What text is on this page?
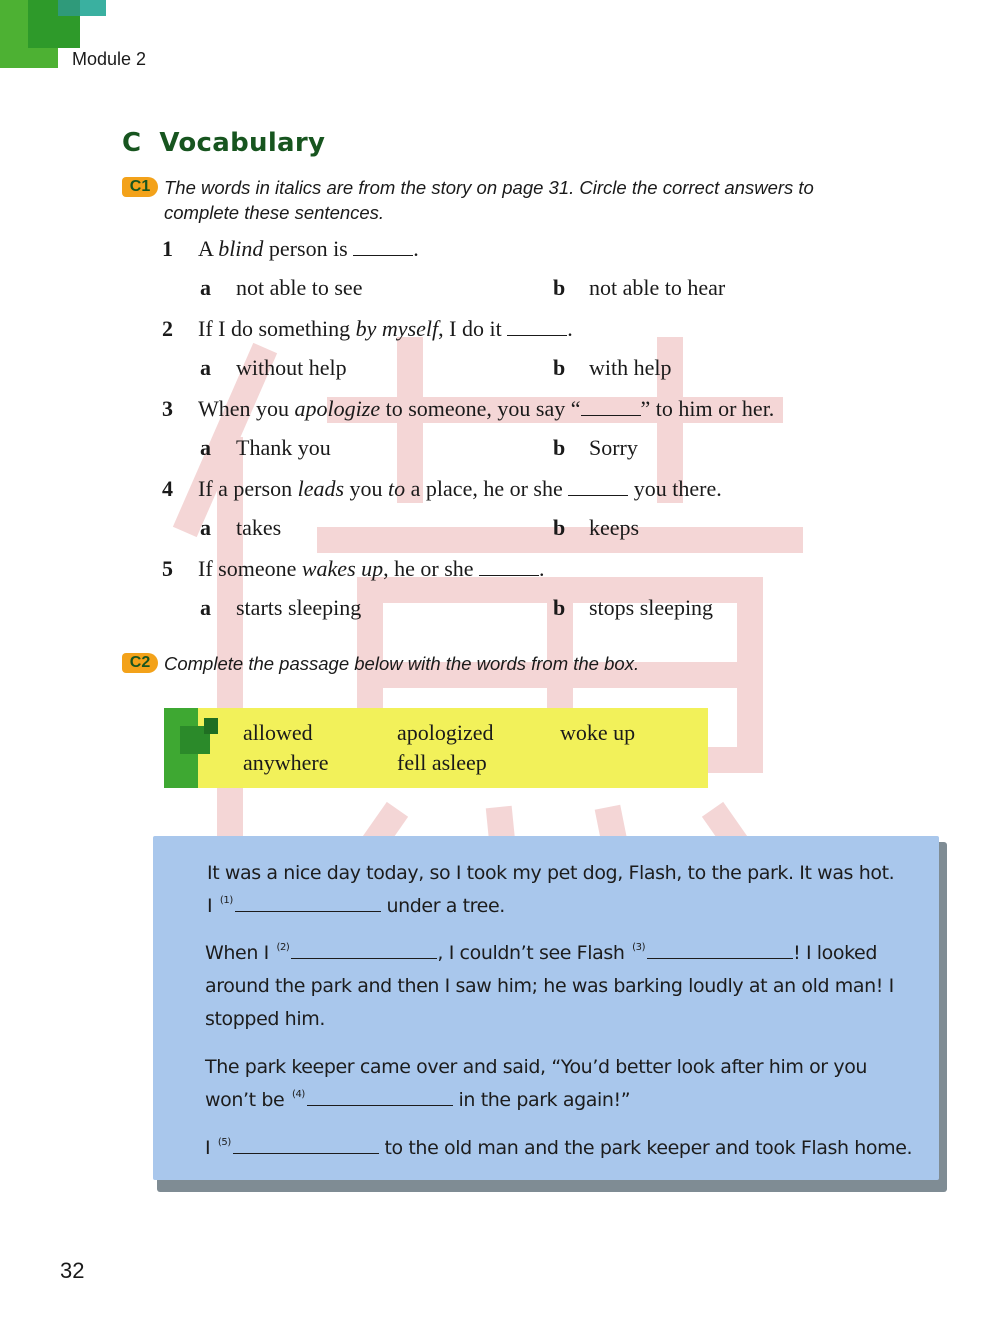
Module 2
C Vocabulary
C1 The words in italics are from the story on page 31. Circle the correct answers to
complete these sentences.
1 A blind person is	.
a not able to see	b not able to hear
2 If I do something by myself, I do it	.
a without help	b with help
3 When you apologize to someone, you say “	” to him or her.
a Thank you	b Sorry
4 If a person leads you to a place, he or she	you there.
a takes	b keeps
5 If someone wakes up, he or she	.
a starts sleeping	b stops sleeping
C2 Complete the passage below with the words from the box.
allowed	apologized	woke up
anywhere	fell asleep
It was a nice day today, so I took my pet dog, Flash, to the park. It was hot.
I $^{(1)}$	under a tree.
When I $^{(2)}$	, I couldn’t see Flash $^{(3)}$	! I looked
around the park and then I saw him; he was barking loudly at an old man! I
stopped him.
The park keeper came over and said, “You’d better look after him or you
won’t be $^{(4)}$	in the park again!”
I $^{(5)}$	to the old man and the park keeper and took Flash home.
32
